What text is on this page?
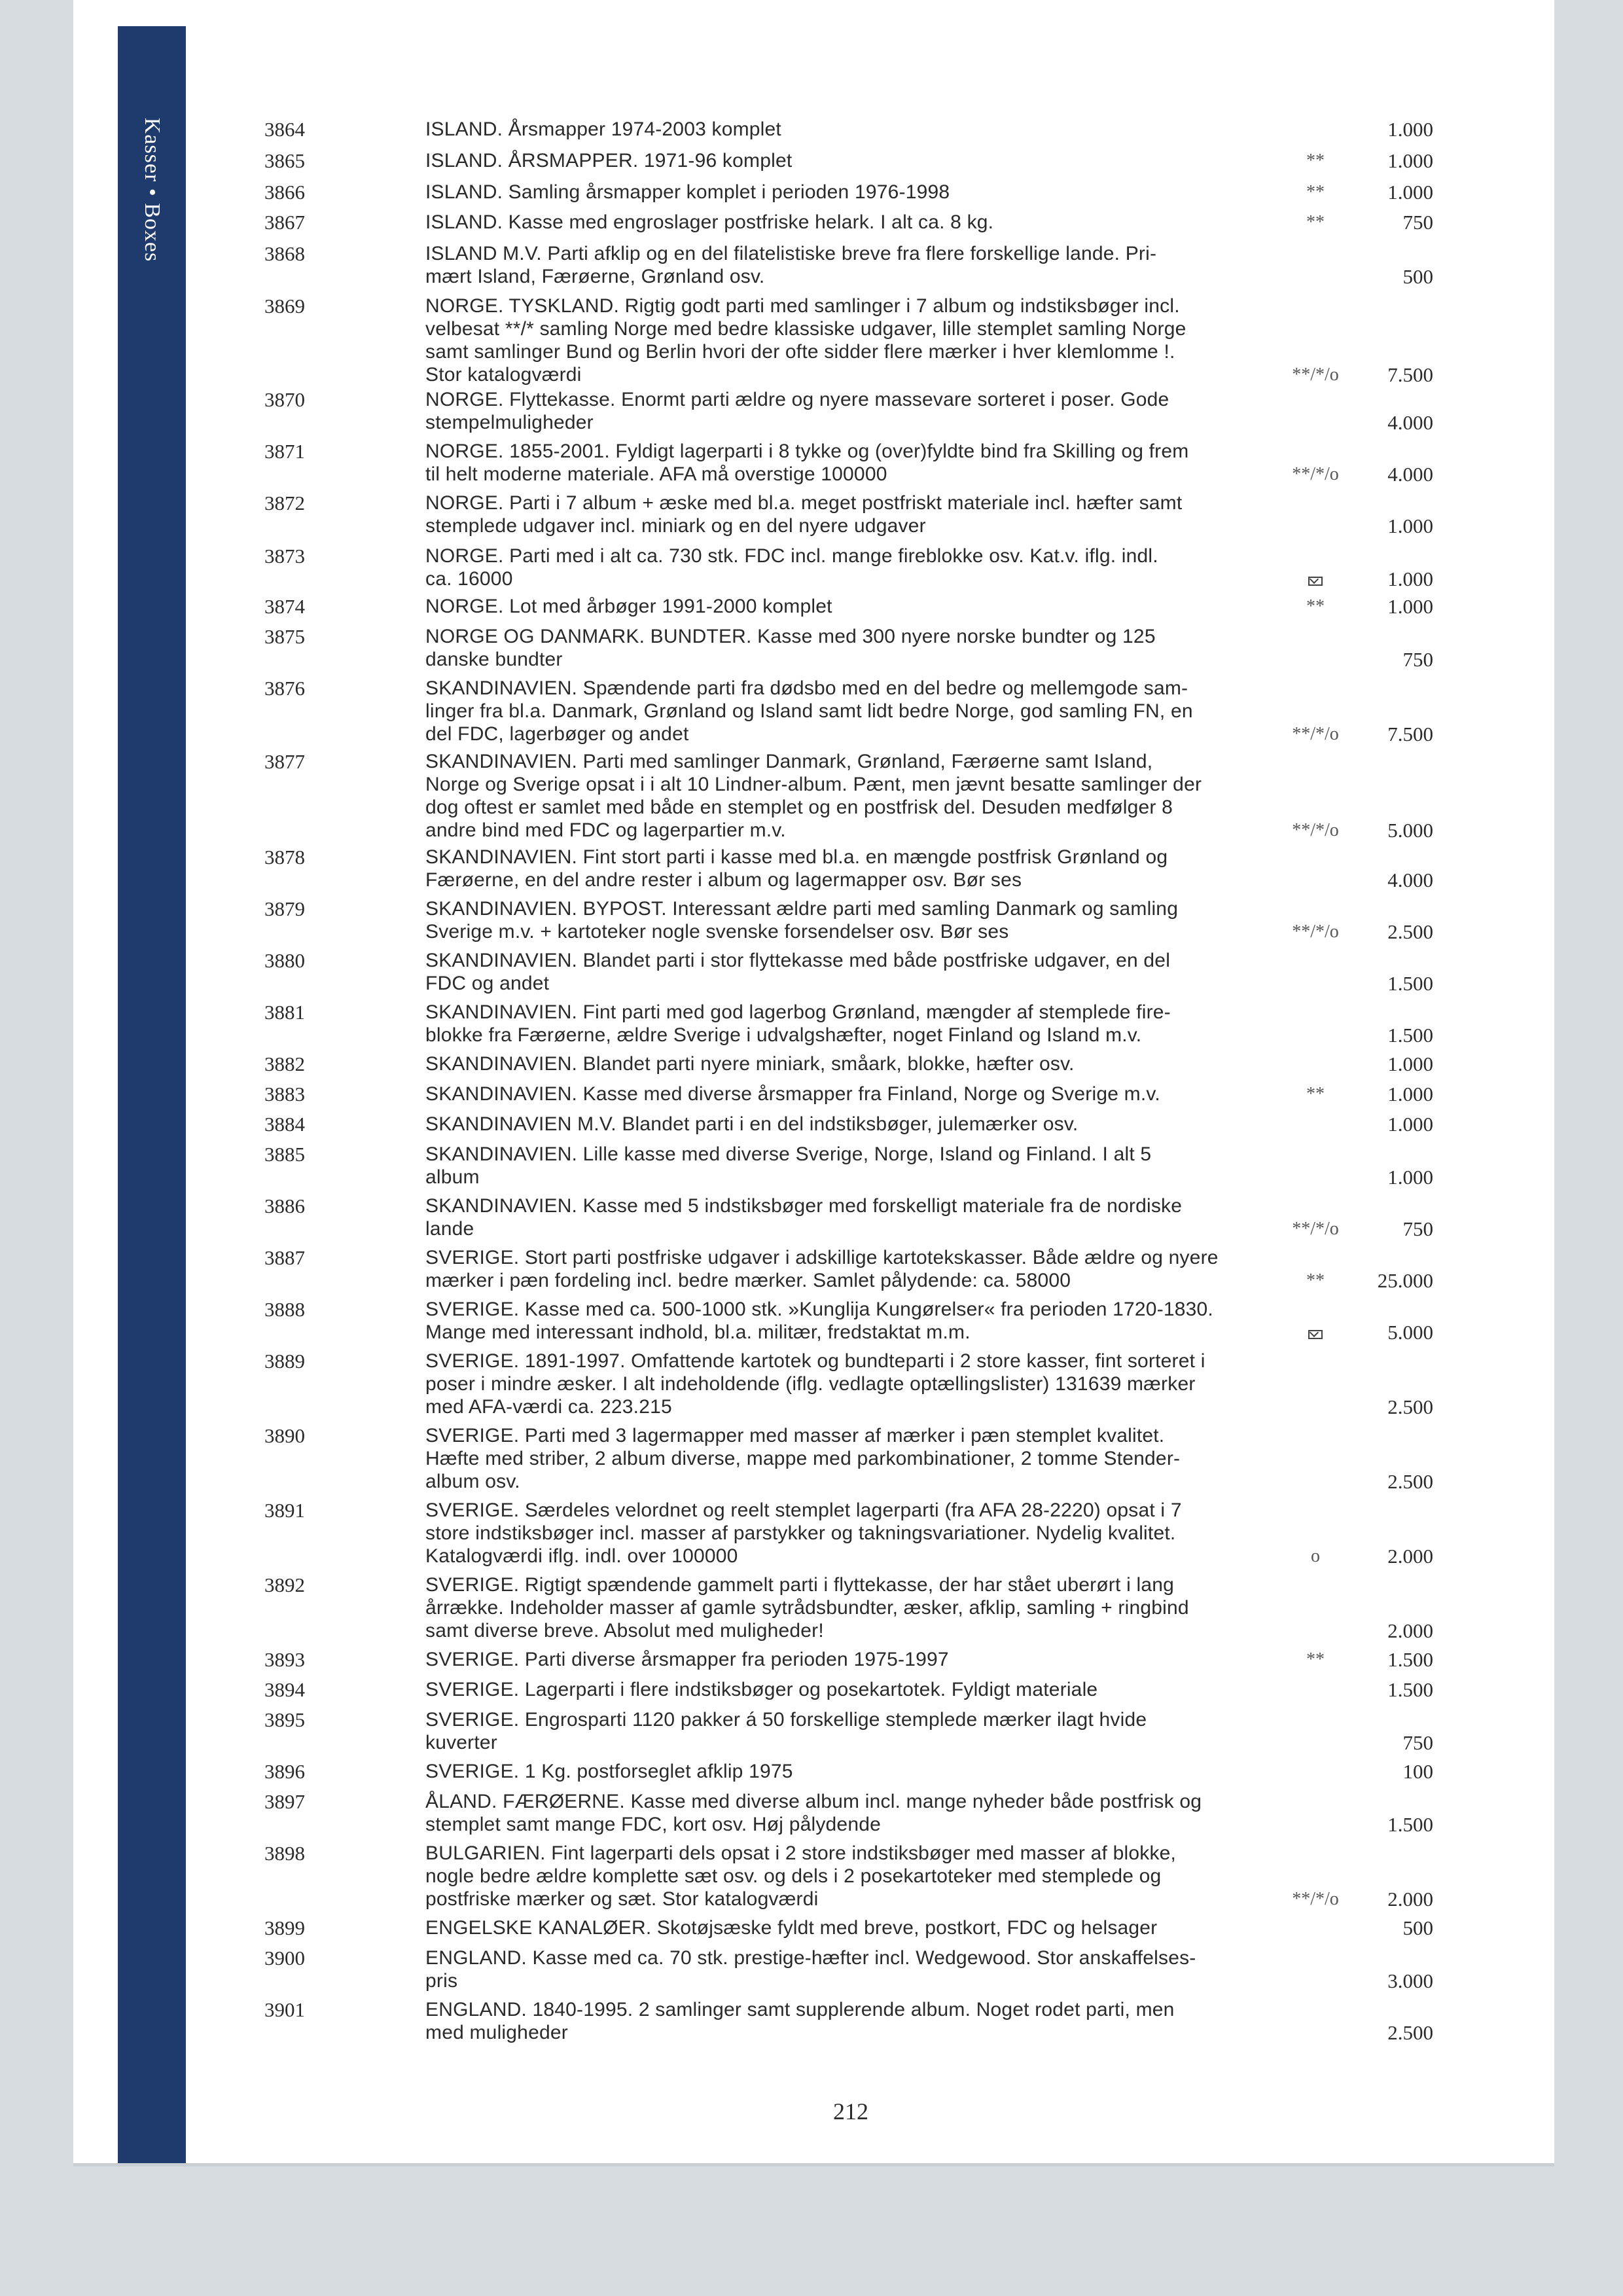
Kasser • Boxes	3864	ISLAND. Årsmapper 1974-2003 komplet	1.000
3865	ISLAND. ÅRSMAPPER. 1971-96 komplet	**	1.000
3866	ISLAND. Samling årsmapper komplet i perioden 1976-1998	**	1.000
3867	ISLAND. Kasse med engroslager postfriske helark. I alt ca. 8 kg.	**	750
3868	ISLAND M.V. Parti afklip og en del filatelistiske breve fra flere forskellige lande. Pri-
mært Island, Færøerne, Grønland osv.	500
3869	NORGE. TYSKLAND. Rigtig godt parti med samlinger i 7 album og indstiksbøger incl.
velbesat **/* samling Norge med bedre klassiske udgaver, lille stemplet samling Norge
samt samlinger Bund og Berlin hvori der ofte sidder flere mærker i hver klemlomme !.
Stor katalogværdi	**/*/o	7.500
3870	NORGE. Flyttekasse. Enormt parti ældre og nyere massevare sorteret i poser. Gode
stempelmuligheder	4.000
3871	NORGE. 1855-2001. Fyldigt lagerparti i 8 tykke og (over)fyldte bind fra Skilling og frem
til helt moderne materiale. AFA må overstige 100000	**/*/o	4.000
3872	NORGE. Parti i 7 album + æske med bl.a. meget postfriskt materiale incl. hæfter samt
stemplede udgaver incl. miniark og en del nyere udgaver	1.000
3873	NORGE. Parti med i alt ca. 730 stk. FDC incl. mange fireblokke osv. Kat.v. iflg. indl.
ca. 16000	1.000
3874	NORGE. Lot med årbøger 1991-2000 komplet	**	1.000
3875	NORGE OG DANMARK. BUNDTER. Kasse med 300 nyere norske bundter og 125
danske bundter	750
3876	SKANDINAVIEN. Spændende parti fra dødsbo med en del bedre og mellemgode sam-
linger fra bl.a. Danmark, Grønland og Island samt lidt bedre Norge, god samling FN, en
del FDC, lagerbøger og andet	**/*/o	7.500
3877	SKANDINAVIEN. Parti med samlinger Danmark, Grønland, Færøerne samt Island,
Norge og Sverige opsat i i alt 10 Lindner-album. Pænt, men jævnt besatte samlinger der
dog oftest er samlet med både en stemplet og en postfrisk del. Desuden medfølger 8
andre bind med FDC og lagerpartier m.v.	**/*/o	5.000
3878	SKANDINAVIEN. Fint stort parti i kasse med bl.a. en mængde postfrisk Grønland og
Færøerne, en del andre rester i album og lagermapper osv. Bør ses	4.000
3879	SKANDINAVIEN. BYPOST. Interessant ældre parti med samling Danmark og samling
Sverige m.v. + kartoteker nogle svenske forsendelser osv. Bør ses	**/*/o	2.500
3880	SKANDINAVIEN. Blandet parti i stor flyttekasse med både postfriske udgaver, en del
FDC og andet	1.500
3881	SKANDINAVIEN. Fint parti med god lagerbog Grønland, mængder af stemplede fire-
blokke fra Færøerne, ældre Sverige i udvalgshæfter, noget Finland og Island m.v.	1.500
3882	SKANDINAVIEN. Blandet parti nyere miniark, småark, blokke, hæfter osv.	1.000
3883	SKANDINAVIEN. Kasse med diverse årsmapper fra Finland, Norge og Sverige m.v.	**	1.000
3884	SKANDINAVIEN M.V. Blandet parti i en del indstiksbøger, julemærker osv.	1.000
3885	SKANDINAVIEN. Lille kasse med diverse Sverige, Norge, Island og Finland. I alt 5
album	1.000
3886	SKANDINAVIEN. Kasse med 5 indstiksbøger med forskelligt materiale fra de nordiske
lande	**/*/o	750
3887	SVERIGE. Stort parti postfriske udgaver i adskillige kartotekskasser. Både ældre og nyere
mærker i pæn fordeling incl. bedre mærker. Samlet pålydende: ca. 58000	**	25.000
3888	SVERIGE. Kasse med ca. 500-1000 stk. »Kunglija Kungørelser« fra perioden 1720-1830.
Mange med interessant indhold, bl.a. militær, fredstaktat m.m.	5.000
3889	SVERIGE. 1891-1997. Omfattende kartotek og bundteparti i 2 store kasser, fint sorteret i
poser i mindre æsker. I alt indeholdende (iflg. vedlagte optællingslister) 131639 mærker
med AFA-værdi ca. 223.215	2.500
3890	SVERIGE. Parti med 3 lagermapper med masser af mærker i pæn stemplet kvalitet.
Hæfte med striber, 2 album diverse, mappe med parkombinationer, 2 tomme Stender-
album osv.	2.500
3891	SVERIGE. Særdeles velordnet og reelt stemplet lagerparti (fra AFA 28-2220) opsat i 7
store indstiksbøger incl. masser af parstykker og takningsvariationer. Nydelig kvalitet.
Katalogværdi iflg. indl. over 100000	o	2.000
3892	SVERIGE. Rigtigt spændende gammelt parti i flyttekasse, der har stået uberørt i lang
årrække. Indeholder masser af gamle sytrådsbundter, æsker, afklip, samling + ringbind
samt diverse breve. Absolut med muligheder!	2.000
3893	SVERIGE. Parti diverse årsmapper fra perioden 1975-1997	**	1.500
3894	SVERIGE. Lagerparti i flere indstiksbøger og posekartotek. Fyldigt materiale	1.500
3895	SVERIGE. Engrosparti 1120 pakker á 50 forskellige stemplede mærker ilagt hvide
kuverter	750
3896	SVERIGE. 1 Kg. postforseglet afklip 1975	100
3897	ÅLAND. FÆRØERNE. Kasse med diverse album incl. mange nyheder både postfrisk og
stemplet samt mange FDC, kort osv. Høj pålydende	1.500
3898	BULGARIEN. Fint lagerparti dels opsat i 2 store indstiksbøger med masser af blokke,
nogle bedre ældre komplette sæt osv. og dels i 2 posekartoteker med stemplede og
postfriske mærker og sæt. Stor katalogværdi	**/*/o	2.000
3899	ENGELSKE KANALØER. Skotøjsæske fyldt med breve, postkort, FDC og helsager	500
3900	ENGLAND. Kasse med ca. 70 stk. prestige-hæfter incl. Wedgewood. Stor anskaffelses-
pris	3.000
3901	ENGLAND. 1840-1995. 2 samlinger samt supplerende album. Noget rodet parti, men
med muligheder	2.500
212
